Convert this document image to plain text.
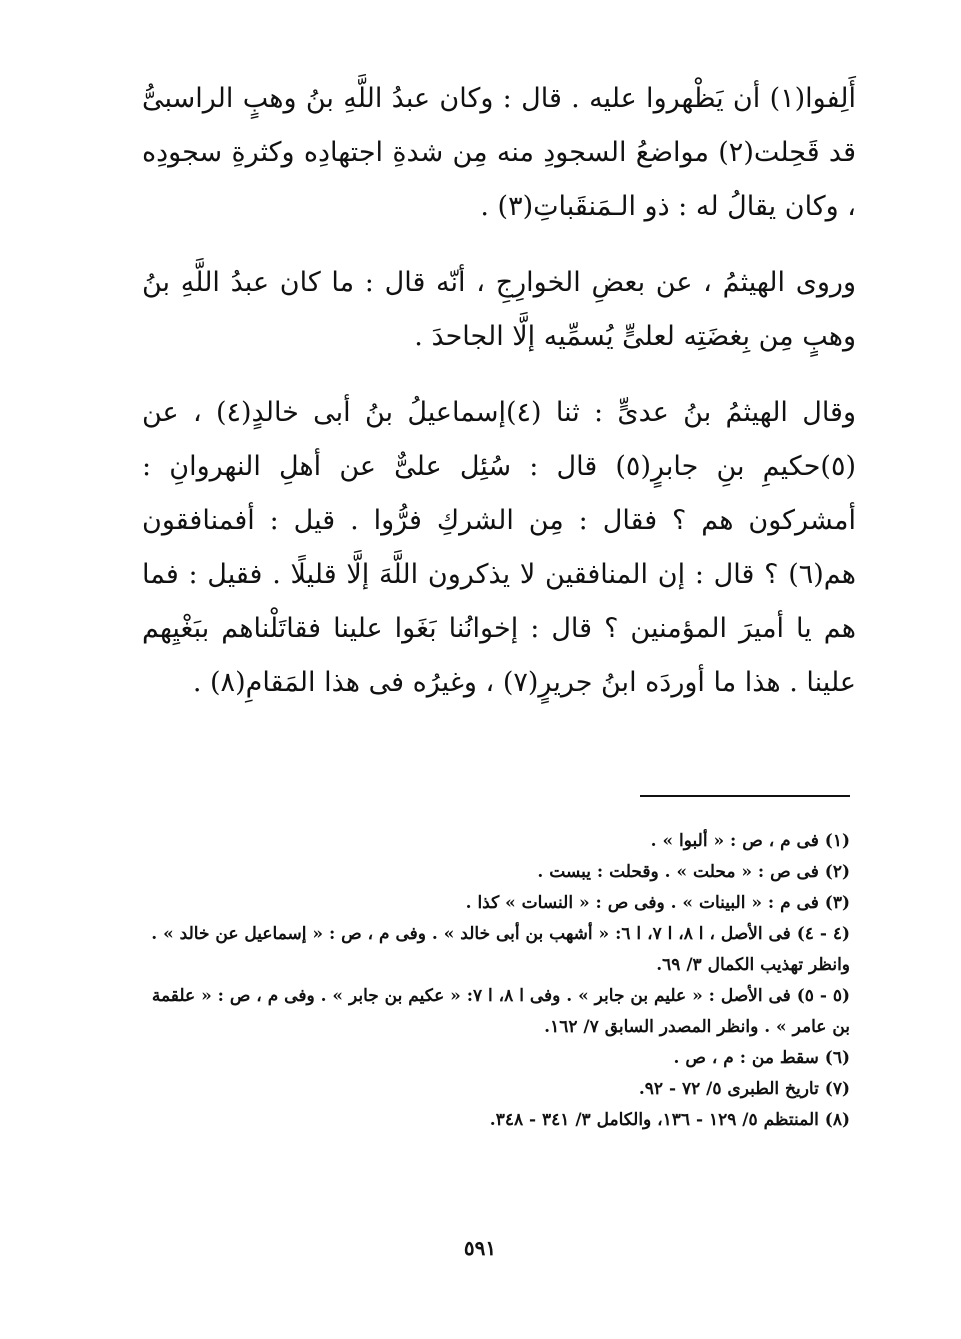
أَلِفوا(١) أن يَظْهروا عليه . قال : وكان عبدُ اللَّهِ بنُ وهبٍ الراسبىُّ قد قَحِلت(٢) مواضعُ السجودِ منه مِن شدةِ اجتهادِه وكثرةِ سجودِه ، وكان يقالُ له : ذو الـمَنقَباتِ(٣) .

وروى الهيثمُ ، عن بعضِ الخوارِجِ ، أنّه قال : ما كان عبدُ اللَّهِ بنُ وهبٍ مِن بِغضَتِه لعلىٍّ يُسمِّيه إلَّا الجاحدَ .

وقال الهيثمُ بنُ عدىٍّ : ثنا (٤)إسماعيلُ بنُ أبى خالدٍ(٤) ، عن (٥)حكيمِ بنِ جابرٍ(٥) قال : سُئِل علىٌّ عن أهلِ النهروانِ : أمشركون هم ؟ فقال : مِن الشركِ فرُّوا . قيل : أفمنافقون هم(٦) ؟ قال : إن المنافقين لا يذكرون اللَّهَ إلَّا قليلًا . فقيل : فما هم يا أميرَ المؤمنين ؟ قال : إخوانُنا بَغَوا علينا فقاتَلْناهم ببَغْيِهم علينا . هذا ما أوردَه ابنُ جريرٍ(٧) ، وغيرُه فى هذا المَقامِ(٨) .

(١) فى م ، ص : « ألبوا » .

(٢) فى ص : « محلت » . وقحلت : يبست .

(٣) فى م : « البينات » . وفى ص : « النسات » كذا .

(٤ - ٤) فى الأصل ، ا ٨، ا ٧، ا ٦: « أشهب بن أبى خالد » . وفى م ، ص : « إسماعيل عن خالد » . وانظر تهذيب الكمال ٣/ ٦٩.

(٥ - ٥) فى الأصل : « عليم بن جابر » . وفى ا ٨، ا ٧: « عكيم بن جابر » . وفى م ، ص : « علقمة بن عامر » . وانظر المصدر السابق ٧/ ١٦٢.

(٦) سقط من : م ، ص .

(٧) تاريخ الطبرى ٥/ ٧٢ - ٩٢.

(٨) المنتظم ٥/ ١٢٩ - ١٣٦، والكامل ٣/ ٣٤١ - ٣٤٨.

٥٩١
